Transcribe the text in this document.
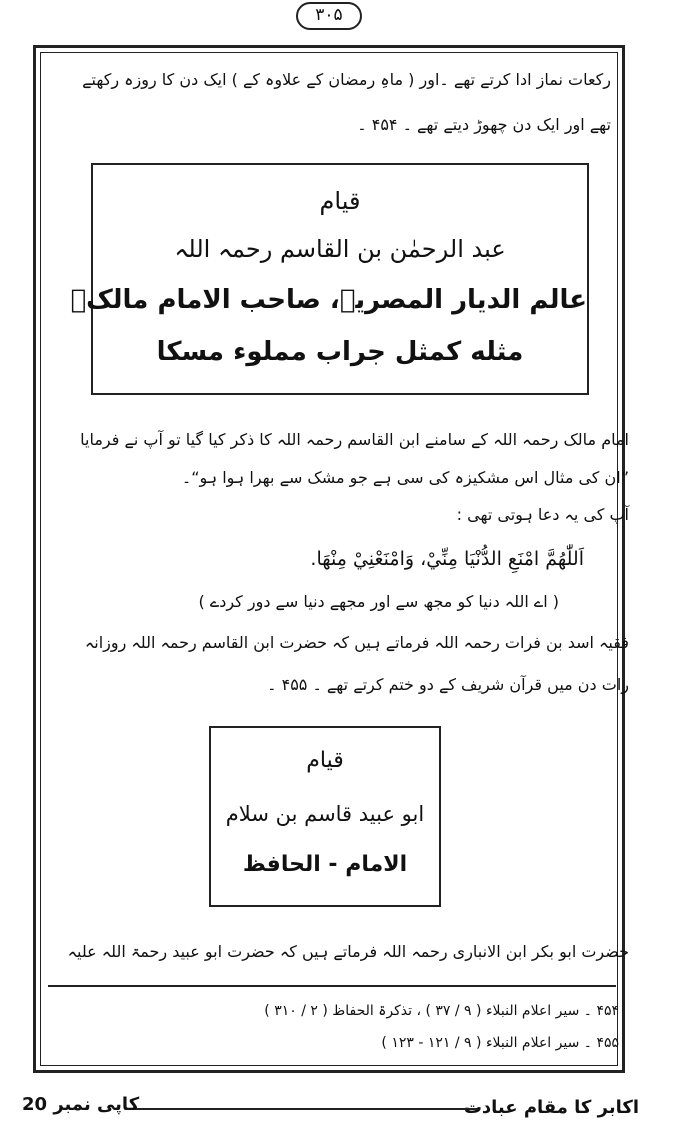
۳۰۵
رکعات نماز ادا کرتے تھے ۔اور ( ماہِ رمضان کے علاوہ کے ) ایک دن کا روزہ رکھتے
تھے اور ایک دن چھوڑ دیتے تھے ۔ ۴۵۴ ۔
قیام
عبد الرحمٰن بن القاسم رحمہ اللہ
عالم الدیار المصریہ، صاحب الامام مالکؒ
مثله كمثل جراب مملوء مسكا
امام مالک رحمہ اللہ کے سامنے ابن القاسم رحمہ اللہ کا ذکر کیا گیا تو آپ نے فرمایا
”ان کی مثال اس مشکیزہ کی سی ہے جو مشک سے بھرا ہوا ہو“۔
آپ کی یہ دعا ہوتی تھی :
اَللّٰهُمَّ امْنَعِ الدُّنْيَا مِنِّيْ، وَامْنَعْنِيْ مِنْهَا.
( اے اللہ دنیا کو مجھ سے اور مجھے دنیا سے دور کردے )
فقیہ اسد بن فرات رحمہ اللہ فرماتے ہیں کہ حضرت ابن القاسم رحمہ اللہ روزانہ
رات دن میں قرآن شریف کے دو ختم کرتے تھے ۔ ۴۵۵ ۔
قیام
ابو عبید قاسم بن سلام
الامام - الحافظ
حضرت ابو بکر ابن الانباری رحمہ اللہ فرماتے ہیں کہ حضرت ابو عبید رحمۃ اللہ علیہ
۴۵۴ ۔ سیر اعلام النبلاء ( ۹ / ۳۷ ) ، تذکرۃ الحفاظ ( ۲ / ۳۱۰ )
۴۵۵ ۔ سیر اعلام النبلاء ( ۹ / ۱۲۱ - ۱۲۳ )
اکابر کا مقام عبادت
کاپی نمبر 20
